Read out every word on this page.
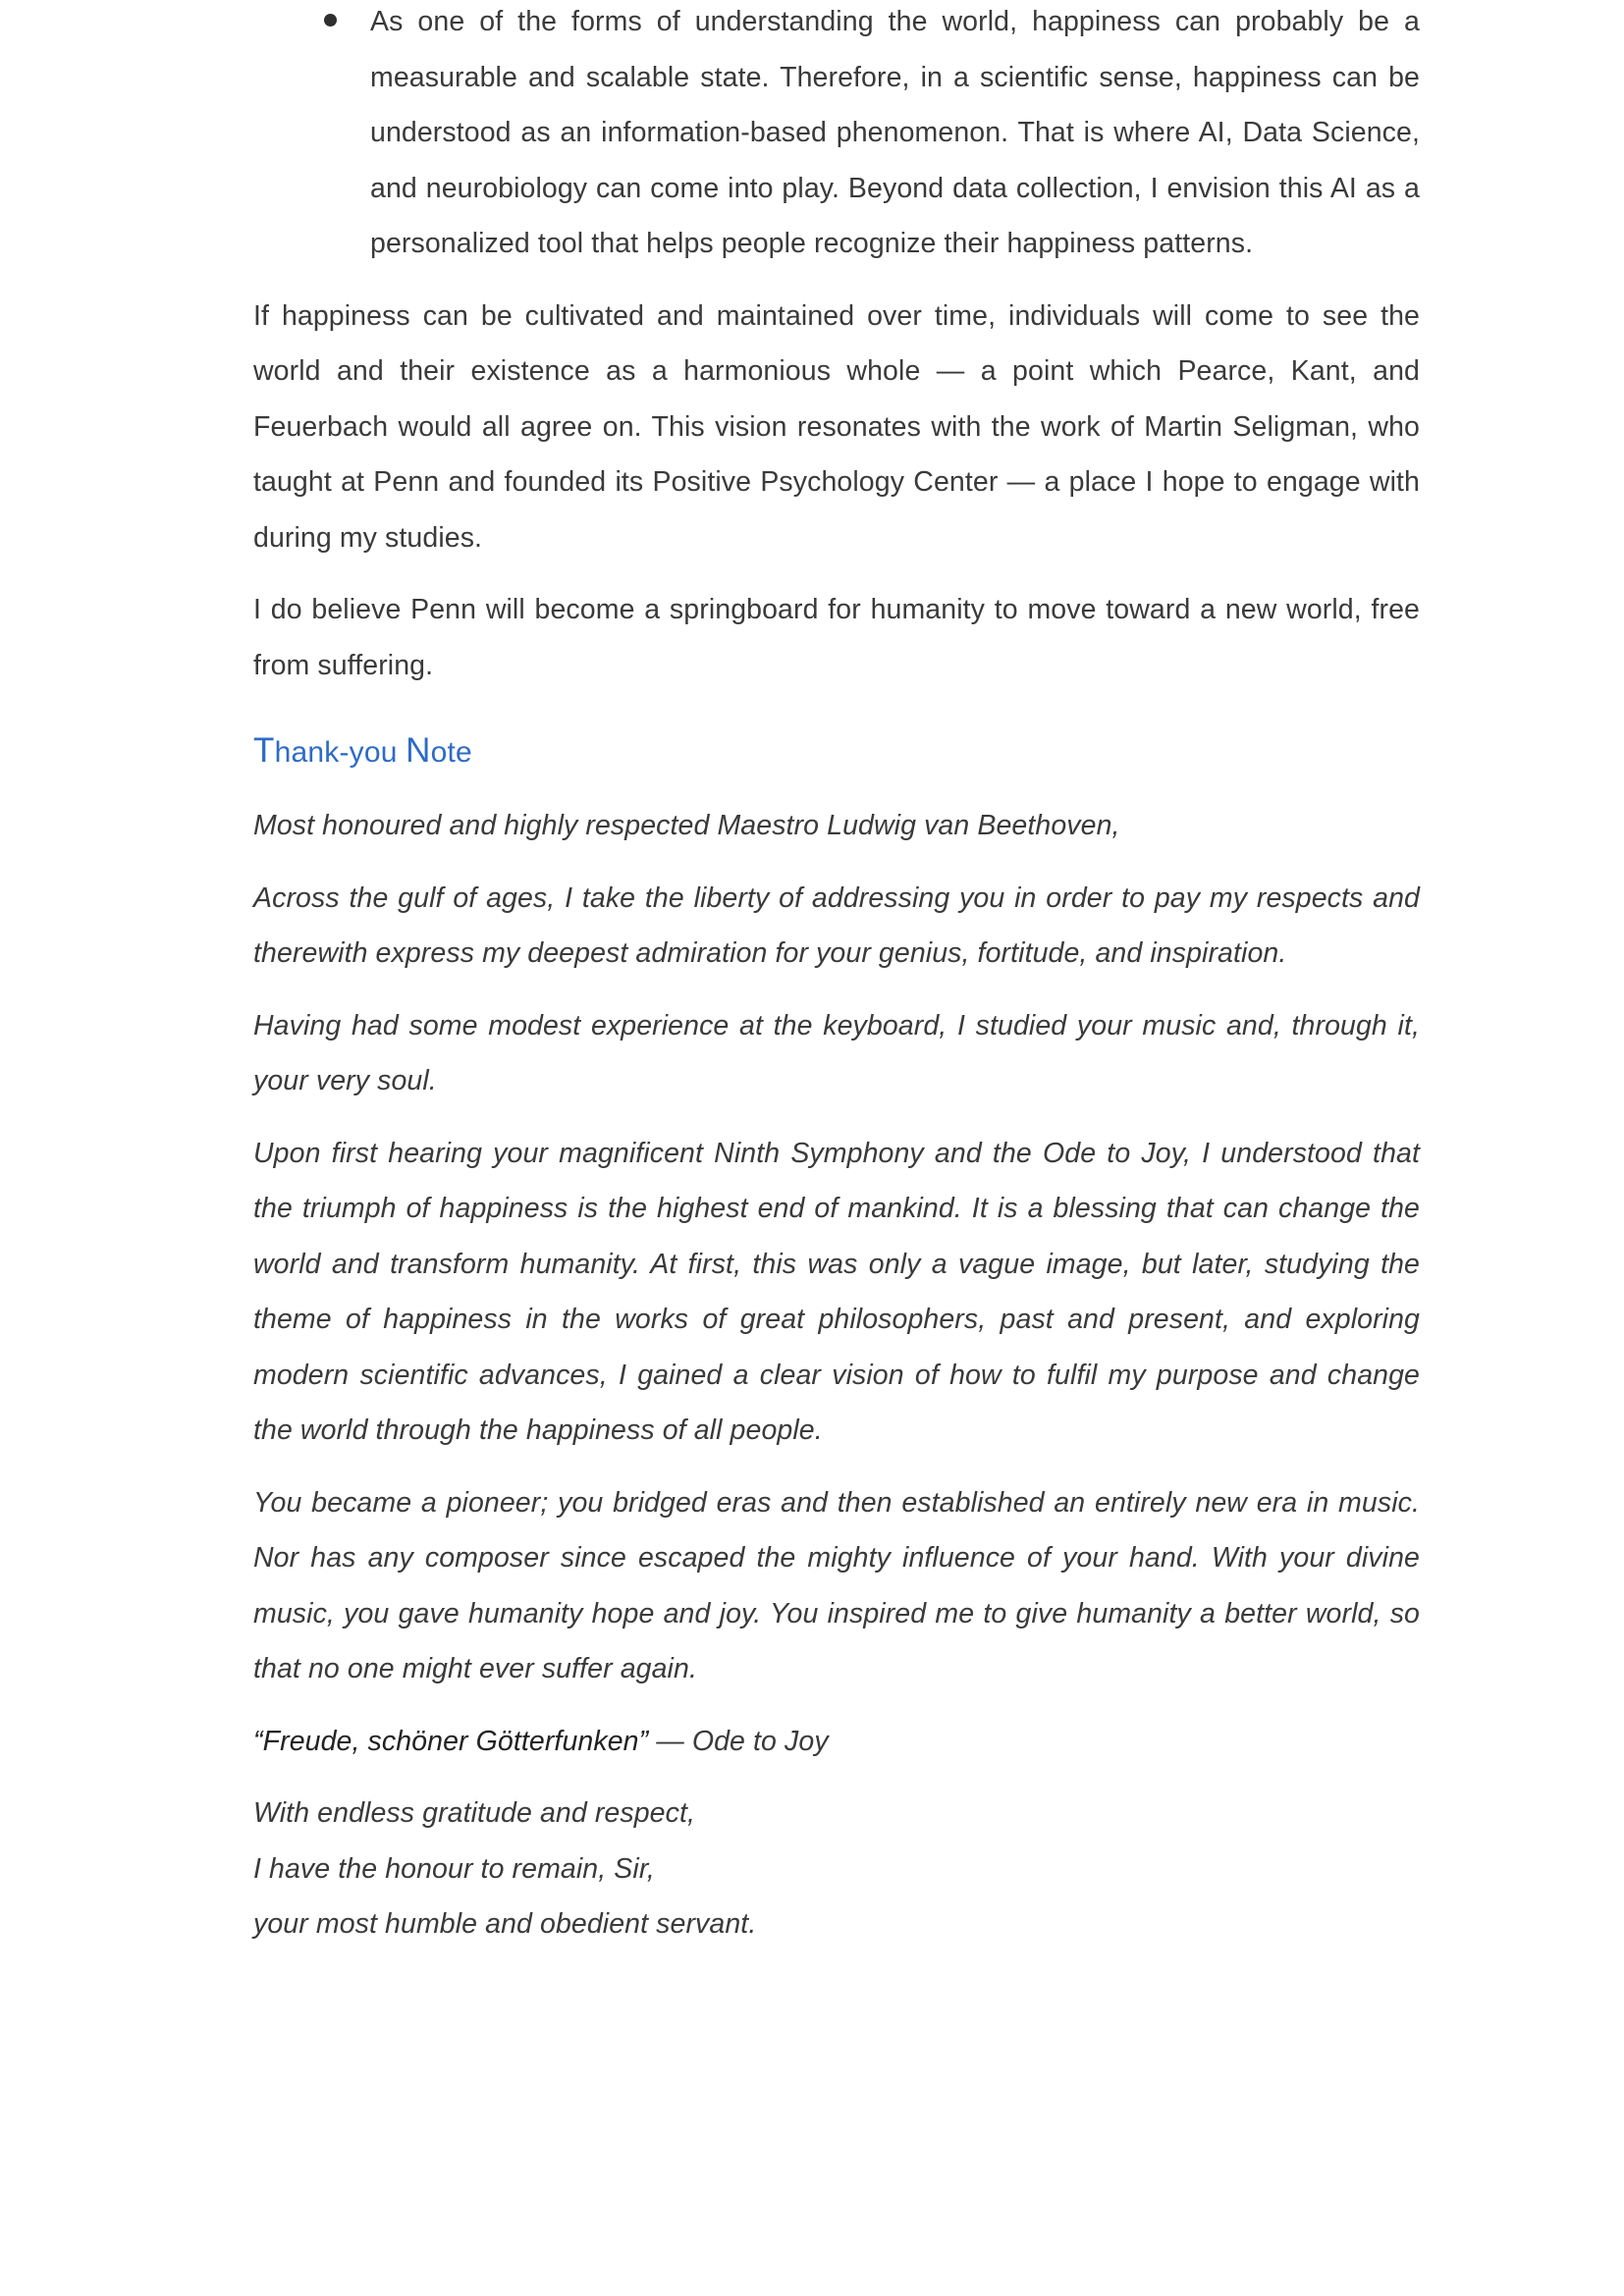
As one of the forms of understanding the world, happiness can probably be a measurable and scalable state. Therefore, in a scientific sense, happiness can be understood as an information-based phenomenon. That is where AI, Data Science, and neurobiology can come into play. Beyond data collection, I envision this AI as a personalized tool that helps people recognize their happiness patterns.

If happiness can be cultivated and maintained over time, individuals will come to see the world and their existence as a harmonious whole — a point which Pearce, Kant, and Feuerbach would all agree on. This vision resonates with the work of Martin Seligman, who taught at Penn and founded its Positive Psychology Center — a place I hope to engage with during my studies.

I do believe Penn will become a springboard for humanity to move toward a new world, free from suffering.

Thank-you Note

Most honoured and highly respected Maestro Ludwig van Beethoven,

Across the gulf of ages, I take the liberty of addressing you in order to pay my respects and therewith express my deepest admiration for your genius, fortitude, and inspiration.

Having had some modest experience at the keyboard, I studied your music and, through it, your very soul.

Upon first hearing your magnificent Ninth Symphony and the Ode to Joy, I understood that the triumph of happiness is the highest end of mankind. It is a blessing that can change the world and transform humanity. At first, this was only a vague image, but later, studying the theme of happiness in the works of great philosophers, past and present, and exploring modern scientific advances, I gained a clear vision of how to fulfil my purpose and change the world through the happiness of all people.

You became a pioneer; you bridged eras and then established an entirely new era in music. Nor has any composer since escaped the mighty influence of your hand. With your divine music, you gave humanity hope and joy. You inspired me to give humanity a better world, so that no one might ever suffer again.

“Freude, schöner Götterfunken” — Ode to Joy

With endless gratitude and respect,

I have the honour to remain, Sir,

your most humble and obedient servant.
